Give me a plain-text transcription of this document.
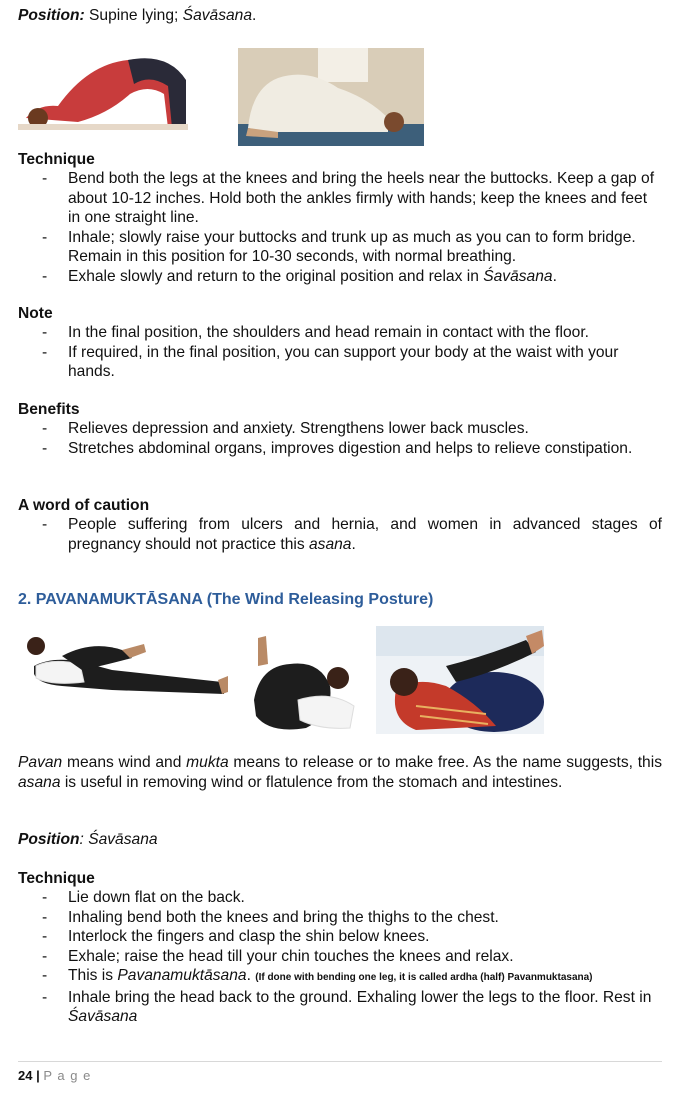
Position: Supine lying; Śavāsana.
Technique
- Bend both the legs at the knees and bring the heels near the buttocks. Keep a gap of about 10-12 inches. Hold both the ankles firmly with hands; keep the knees and feet in one straight line.
- Inhale; slowly raise your buttocks and trunk up as much as you can to form bridge. Remain in this position for 10-30 seconds, with normal breathing.
- Exhale slowly and return to the original position and relax in Śavāsana.
Note
- In the final position, the shoulders and head remain in contact with the floor.
- If required, in the final position, you can support your body at the waist with your hands.
Benefits
- Relieves depression and anxiety. Strengthens lower back muscles.
- Stretches abdominal organs, improves digestion and helps to relieve constipation.
A word of caution
- People suffering from ulcers and hernia, and women in advanced stages of pregnancy should not practice this asana.
2. PAVANAMUKTĀSANA (The Wind Releasing Posture)
Pavan means wind and mukta means to release or to make free. As the name suggests, this asana is useful in removing wind or flatulence from the stomach and intestines.
Position: Śavāsana
Technique
- Lie down flat on the back.
- Inhaling bend both the knees and bring the thighs to the chest.
- Interlock the fingers and clasp the shin below knees.
- Exhale; raise the head till your chin touches the knees and relax.
- This is Pavanamuktāsana. (If done with bending one leg, it is called ardha (half) Pavanmuktasana)
- Inhale bring the head back to the ground. Exhaling lower the legs to the floor. Rest in Śavāsana
24 | P a g e
